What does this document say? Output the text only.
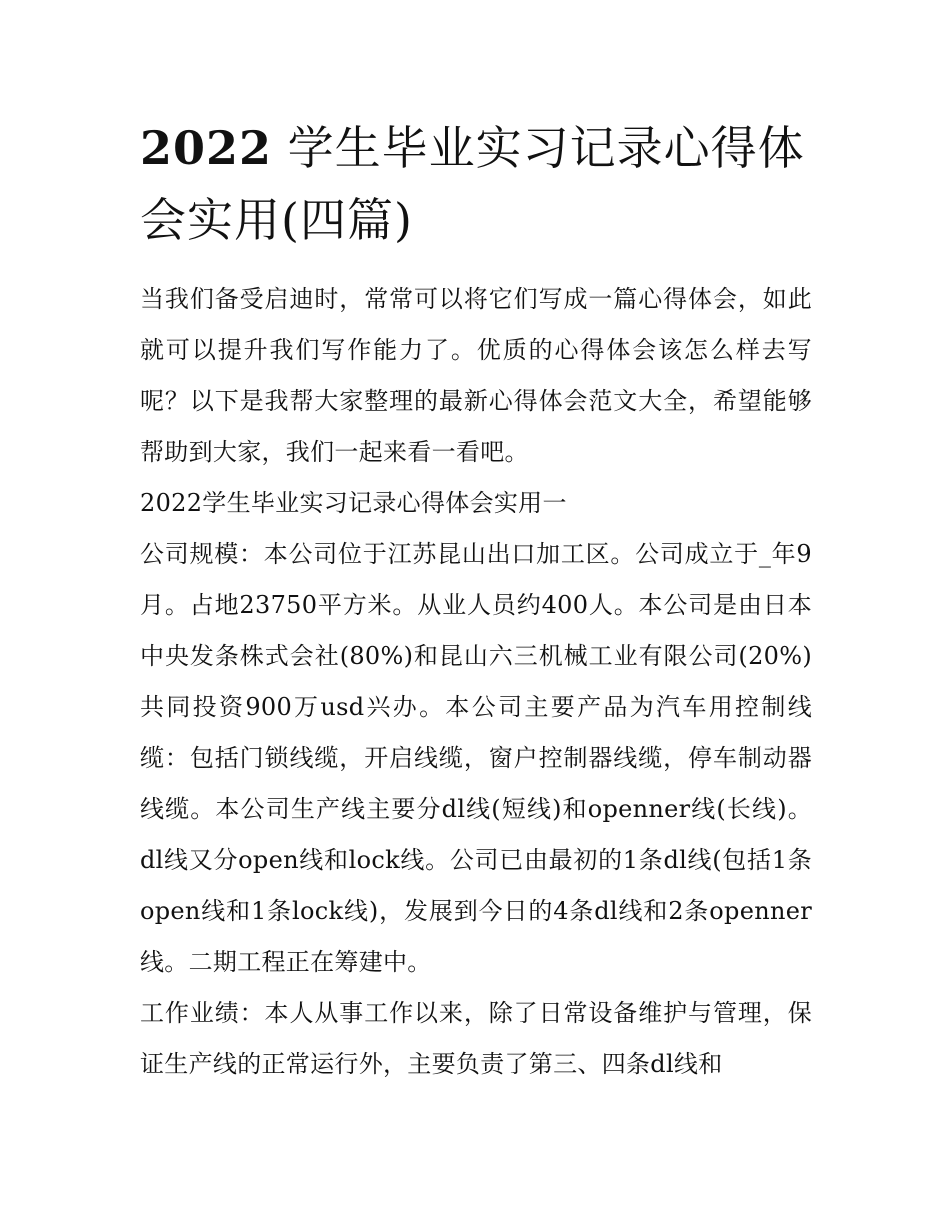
2022 学生毕业实习记录心得体会实用(四篇)

当我们备受启迪时，常常可以将它们写成一篇心得体会，如此就可以提升我们写作能力了。优质的心得体会该怎么样去写呢？以下是我帮大家整理的最新心得体会范文大全，希望能够帮助到大家，我们一起来看一看吧。

2022学生毕业实习记录心得体会实用一

公司规模：本公司位于江苏昆山出口加工区。公司成立于_年9月。占地23750平方米。从业人员约400人。本公司是由日本中央发条株式会社(80%)和昆山六三机械工业有限公司(20%)共同投资900万usd兴办。本公司主要产品为汽车用控制线缆：包括门锁线缆，开启线缆，窗户控制器线缆，停车制动器线缆。本公司生产线主要分dl线(短线)和openner线(长线)。dl线又分open线和lock线。公司已由最初的1条dl线(包括1条open线和1条lock线)，发展到今日的4条dl线和2条openner线。二期工程正在筹建中。

工作业绩：本人从事工作以来，除了日常设备维护与管理，保证生产线的正常运行外，主要负责了第三、四条dl线和
